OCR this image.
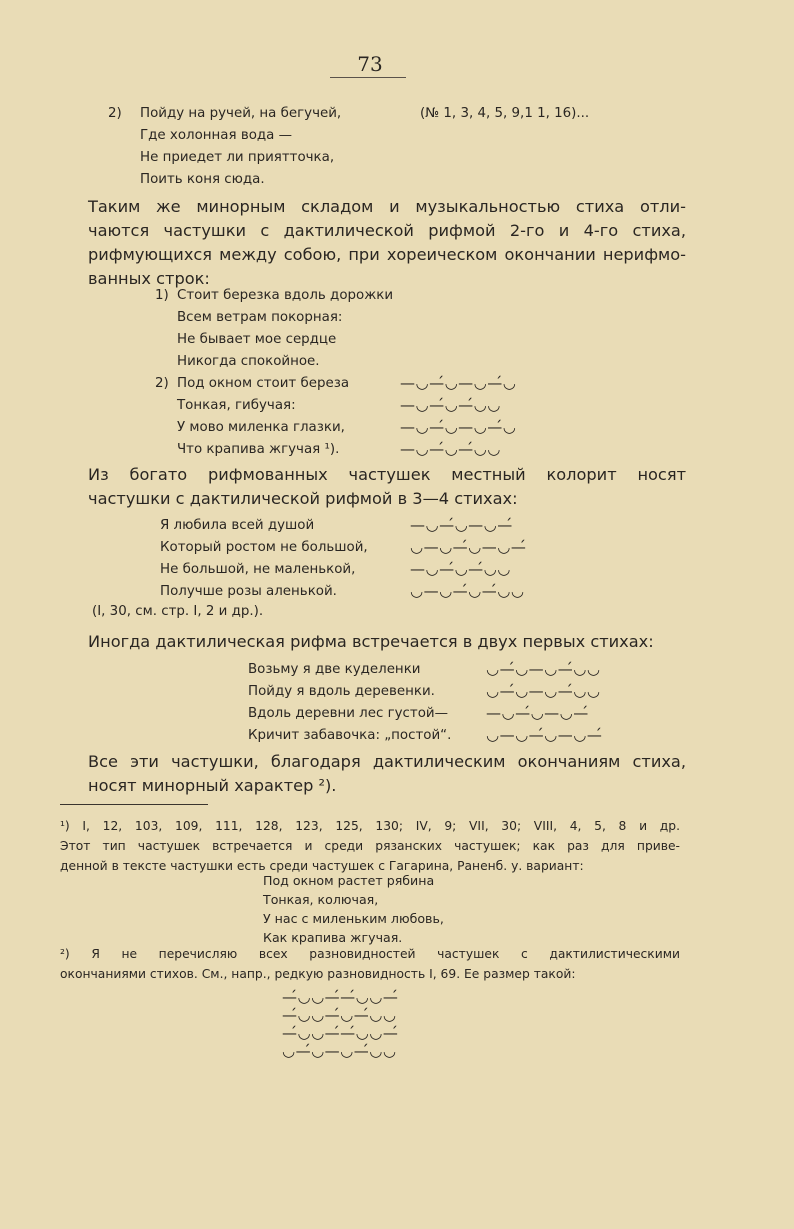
73
2) Пойду на ручей, на бегучей,
Где холонная вода —
Не приедет ли приятточка,
Поить коня сюда.
(№ 1, 3, 4, 5, 9,1 1, 16)...
Таким же минорным складом и музыкальностью стиха отли-
чаются частушки с дактилической рифмой 2-го и 4-го стиха,
рифмующихся между собою, при хореическом окончании нерифмо-
ванных строк:
1) Стоит березка вдоль дорожки
Всем ветрам покорная:
Не бывает мое сердце
Никогда спокойное.
2) Под окном стоит береза
Тонкая, гибучая:
У мово миленка глазки,
Что крапива жгучая ¹).
—◡—́◡—◡—́◡
—◡—́◡—́◡◡
—◡—́◡—◡—́◡
—◡—́◡—́◡◡
Из богато рифмованных частушек местный колорит носят
частушки с дактилической рифмой в 3—4 стихах:
Я любила всей душой
Который ростом не большой,
Не большой, не маленькой,
Получше розы аленькой.
(I, 30, см. стр. I, 2 и др.).
—◡—́◡—◡—́
◡—◡—́◡—◡—́
—◡—́◡—́◡◡
◡—◡—́◡—́◡◡
Иногда дактилическая рифма встречается в двух первых стихах:
Возьму я две куделенки
Пойду я вдоль деревенки.
Вдоль деревни лес густой—
Кричит забавочка: „постой“.
◡—́◡—◡—́◡◡
◡—́◡—◡—́◡◡
—◡—́◡—◡—́
◡—◡—́◡—◡—́
Все эти частушки, благодаря дактилическим окончаниям стиха,
носят минорный характер ²).
¹) I, 12, 103, 109, 111, 128, 123, 125, 130; IV, 9; VII, 30; VIII, 4, 5, 8 и др.
Этот тип частушек встречается и среди рязанских частушек; как раз для приве-
денной в тексте частушки есть среди частушек с Гагарина, Раненб. у. вариант:
Под окном растет рябина
Тонкая, колючая,
У нас с миленьким любовь,
Как крапива жгучая.
²) Я не перечисляю всех разновидностей частушек с дактилистическими
окончаниями стихов. См., напр., редкую разновидность I, 69. Ее размер такой:
—́◡◡—́—́◡◡—́
—́◡◡—́◡—́◡◡
—́◡◡—́—́◡◡—́
◡—́◡—◡—́◡◡
